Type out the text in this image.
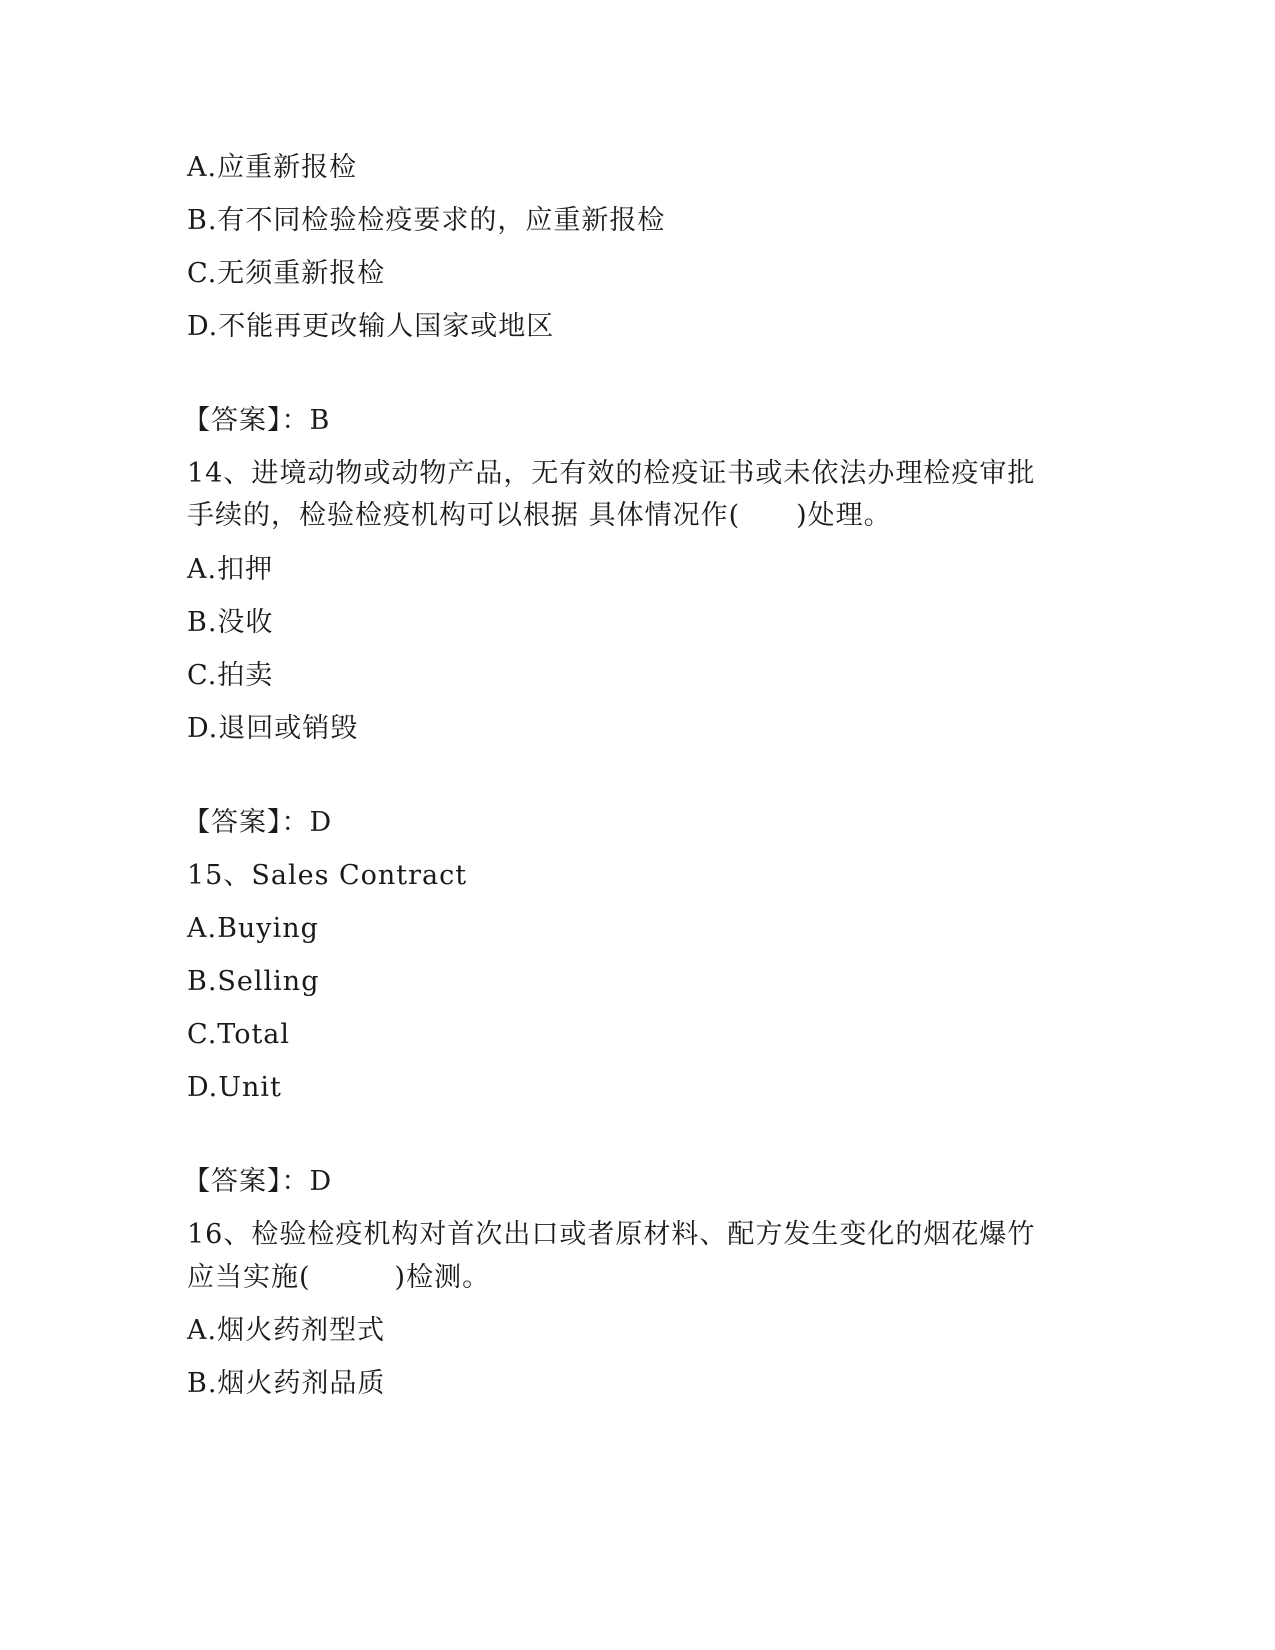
A.应重新报检
B.有不同检验检疫要求的，应重新报检
C.无须重新报检
D.不能再更改输人国家或地区
【答案】：B
14、进境动物或动物产品，无有效的检疫证书或未依法办理检疫审批
手续的，检验检疫机构可以根据 具体情况作(　　)处理。
A.扣押
B.没收
C.拍卖
D.退回或销毁
【答案】：D
15、Sales Contract
A.Buying
B.Selling
C.Total
D.Unit
【答案】：D
16、检验检疫机构对首次出口或者原材料、配方发生变化的烟花爆竹
应当实施(　　　)检测。
A.烟火药剂型式
B.烟火药剂品质
